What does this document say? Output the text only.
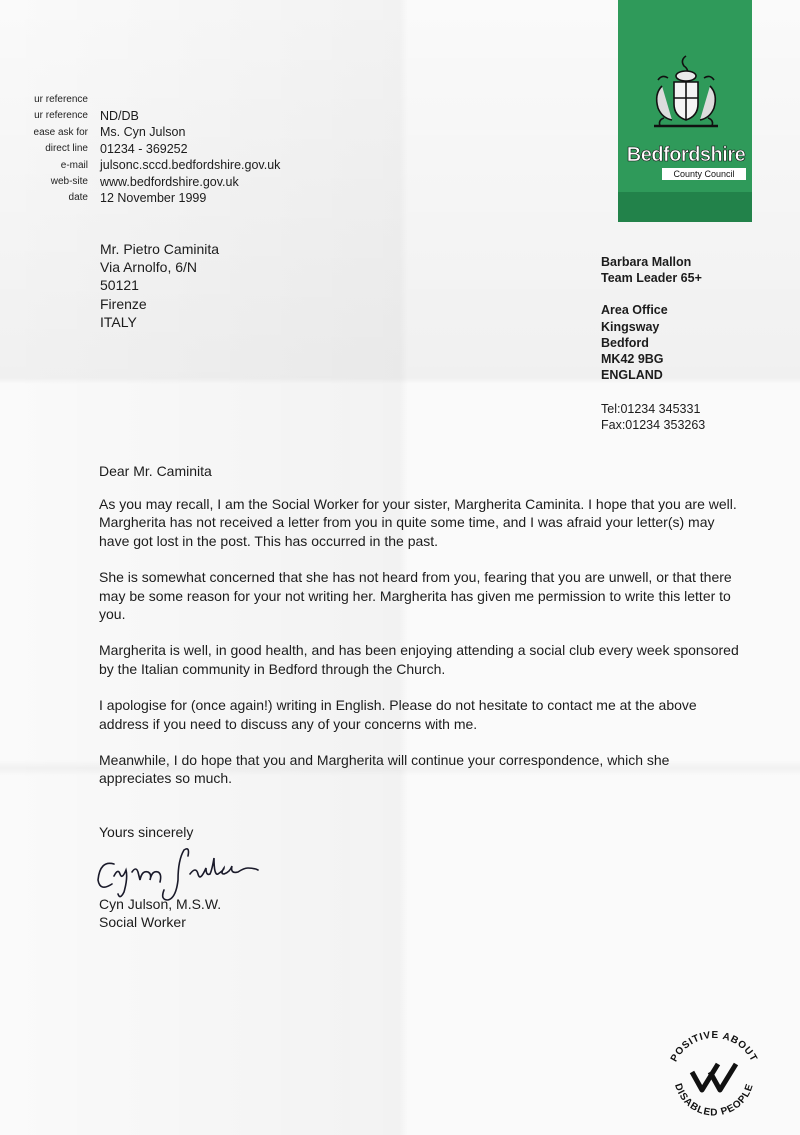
ur reference
ur reference
ease ask for
direct line
e-mail
web-site
date
ND/DB
Ms. Cyn Julson
01234 - 369252
julsonc.sccd.bedfordshire.gov.uk
www.bedfordshire.gov.uk
12 November 1999
Bedfordshire
County Council
Mr. Pietro Caminita
Via Arnolfo, 6/N
50121
Firenze
ITALY
Barbara Mallon
Team Leader 65+
Area Office
Kingsway
Bedford
MK42 9BG
ENGLAND
Tel:01234 345331
Fax:01234 353263

Dear Mr. Caminita

As you may recall, I am the Social Worker for your sister, Margherita Caminita. I hope that you are well. Margherita has not received a letter from you in quite some time, and I was afraid your letter(s) may have got lost in the post. This has occurred in the past.

She is somewhat concerned that she has not heard from you, fearing that you are unwell, or that there may be some reason for your not writing her. Margherita has given me permission to write this letter to you.

Margherita is well, in good health, and has been enjoying attending a social club every week sponsored by the Italian community in Bedford through the Church.

I apologise for (once again!) writing in English. Please do not hesitate to contact me at the above address if you need to discuss any of your concerns with me.

Meanwhile, I do hope that you and Margherita will continue your correspondence, which she appreciates so much.

Yours sincerely
Cyn Julson, M.S.W.
Social Worker
POSITIVE ABOUT
DISABLED PEOPLE
